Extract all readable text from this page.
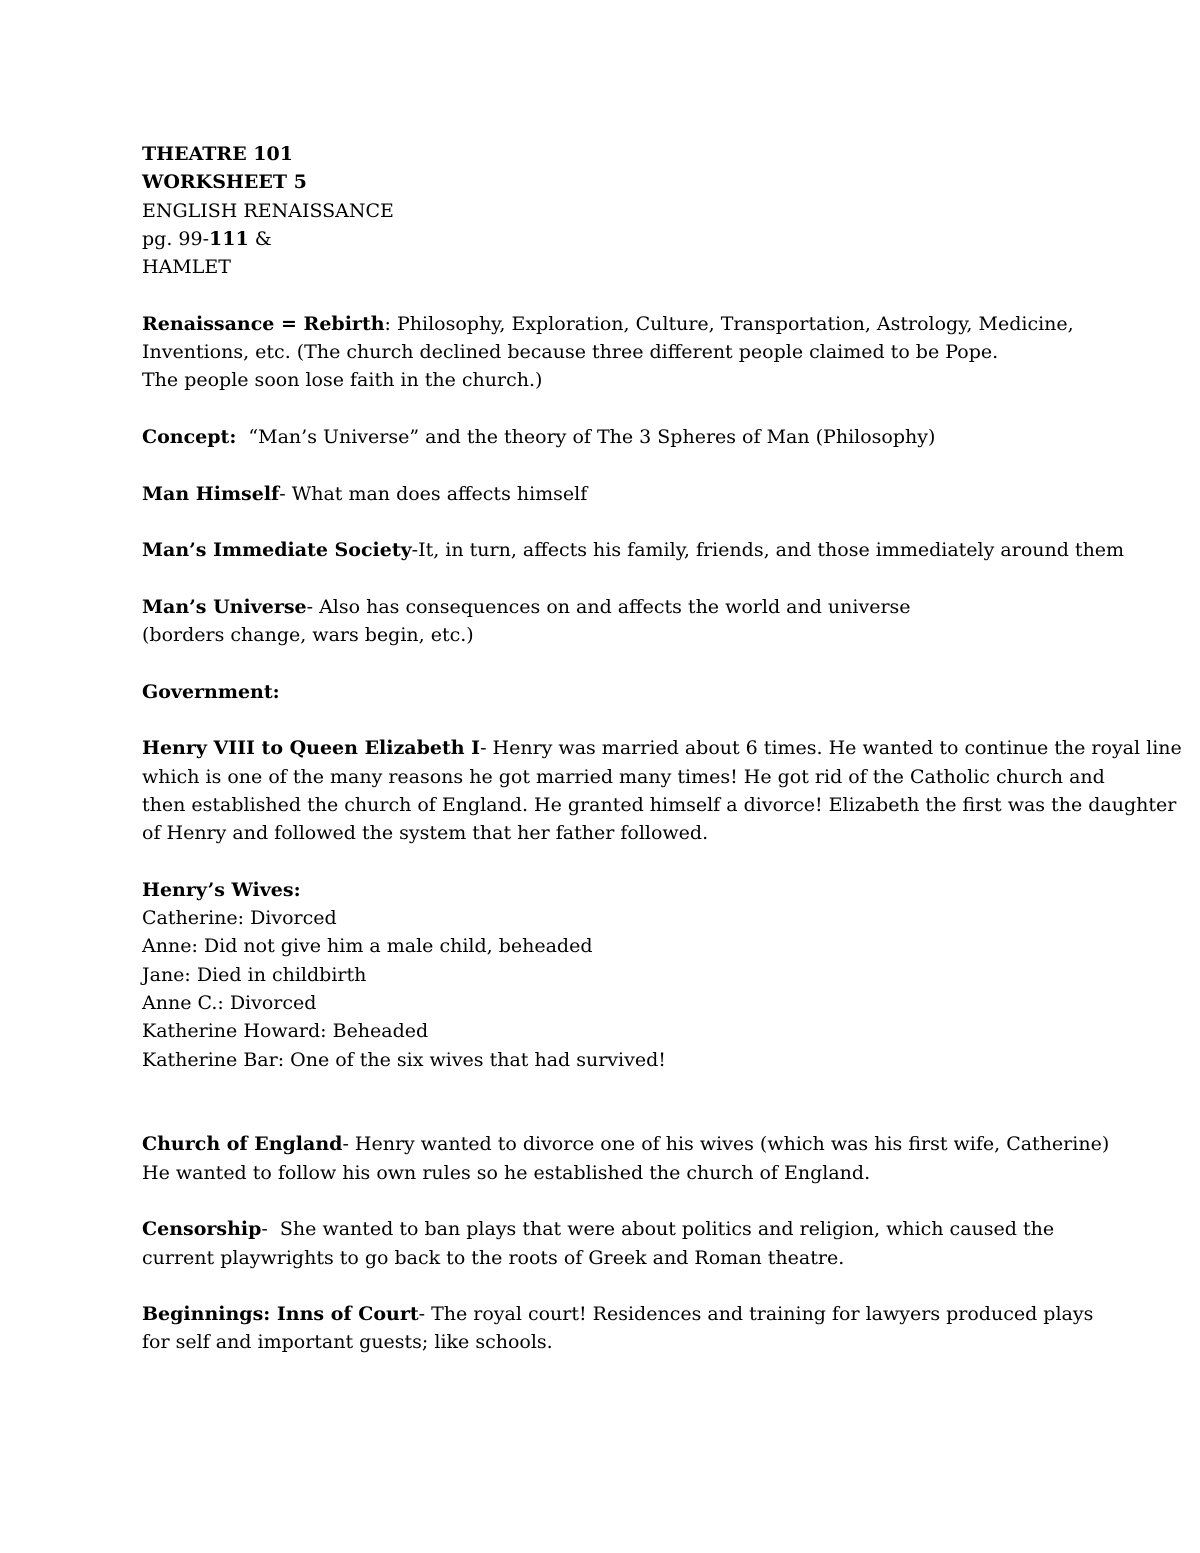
THEATRE 101
WORKSHEET 5
ENGLISH RENAISSANCE
pg. 99-111 &
HAMLET
Renaissance = Rebirth: Philosophy, Exploration, Culture, Transportation, Astrology, Medicine,
Inventions, etc. (The church declined because three different people claimed to be Pope.
The people soon lose faith in the church.)
Concept:  “Man’s Universe” and the theory of The 3 Spheres of Man (Philosophy)
Man Himself- What man does affects himself
Man’s Immediate Society-It, in turn, affects his family, friends, and those immediately around them
Man’s Universe- Also has consequences on and affects the world and universe
(borders change, wars begin, etc.)
Government:
Henry VIII to Queen Elizabeth I- Henry was married about 6 times. He wanted to continue the royal line
which is one of the many reasons he got married many times! He got rid of the Catholic church and
then established the church of England. He granted himself a divorce! Elizabeth the first was the daughter
of Henry and followed the system that her father followed.
Henry’s Wives:
Catherine: Divorced
Anne: Did not give him a male child, beheaded
Jane: Died in childbirth
Anne C.: Divorced
Katherine Howard: Beheaded
Katherine Bar: One of the six wives that had survived!
Church of England- Henry wanted to divorce one of his wives (which was his first wife, Catherine)
He wanted to follow his own rules so he established the church of England.
Censorship-  She wanted to ban plays that were about politics and religion, which caused the
current playwrights to go back to the roots of Greek and Roman theatre.
Beginnings: Inns of Court- The royal court! Residences and training for lawyers produced plays
for self and important guests; like schools.
